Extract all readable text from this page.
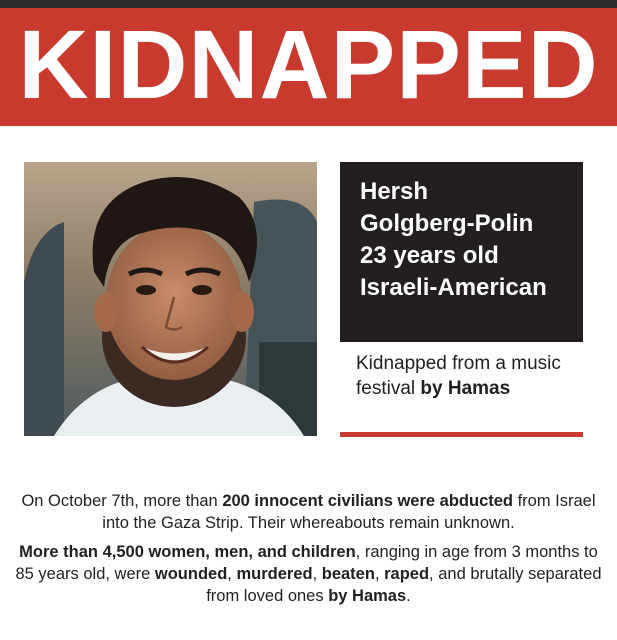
KIDNAPPED
Hersh
Golgberg-Polin
23 years old
Israeli-American
Kidnapped from a music festival by Hamas
On October 7th, more than 200 innocent civilians were abducted from Israel into the Gaza Strip. Their whereabouts remain unknown.
More than 4,500 women, men, and children, ranging in age from 3 months to 85 years old, were wounded, murdered, beaten, raped, and brutally separated from loved ones by Hamas.
